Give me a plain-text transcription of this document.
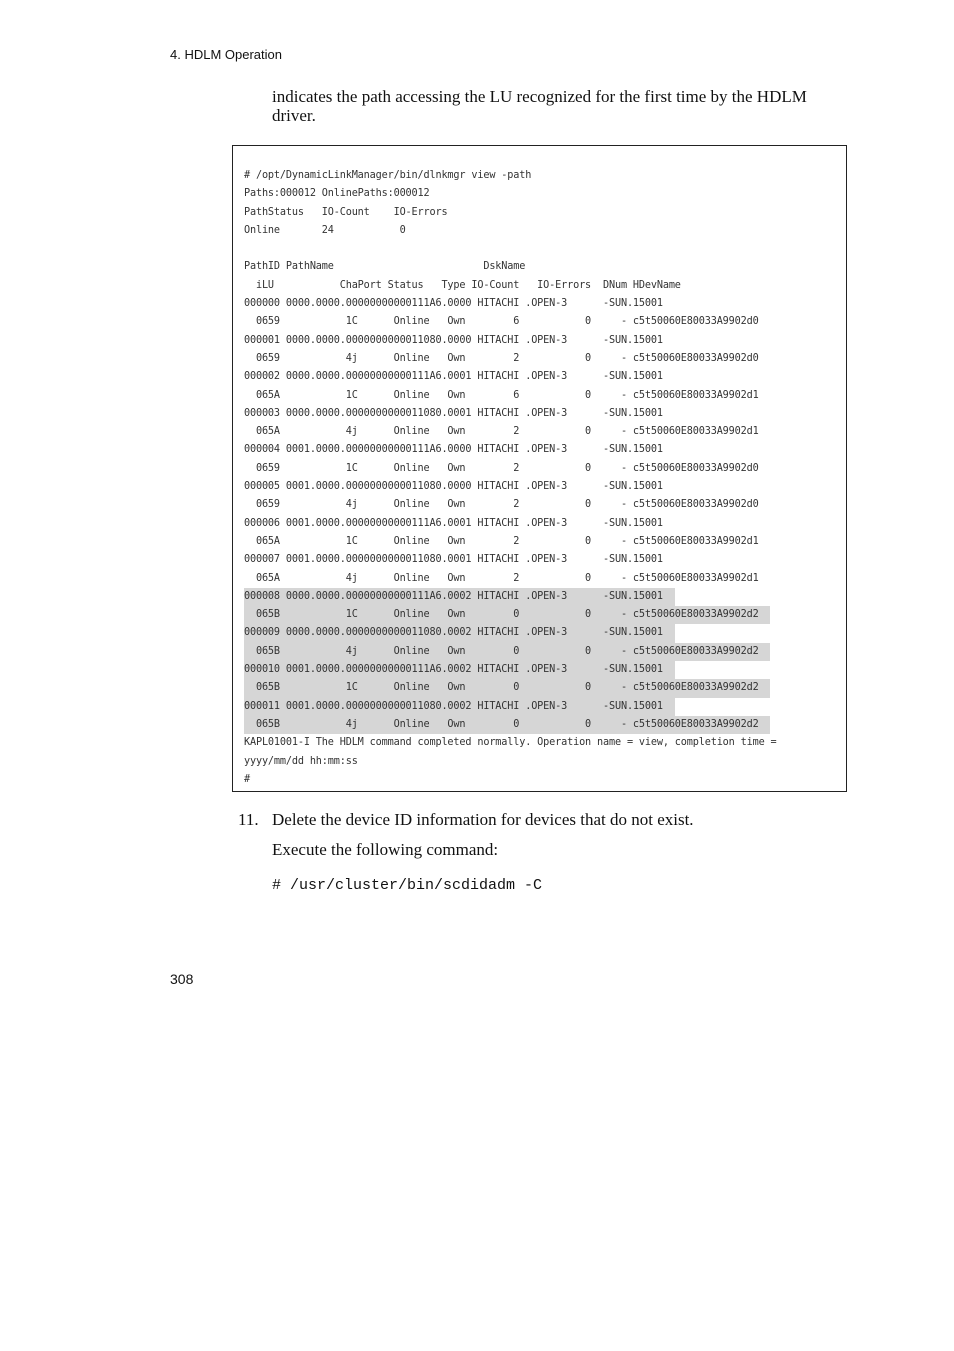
4. HDLM Operation
indicates the path accessing the LU recognized for the first time by the HDLM driver.
# /opt/DynamicLinkManager/bin/dlnkmgr view -path
Paths:000012 OnlinePaths:000012
PathStatus   IO-Count    IO-Errors
Online       24           0
PathID PathName                         DskName
iLU           ChaPort Status   Type IO-Count   IO-Errors  DNum HDevName
000000 0000.0000.00000000000111A6.0000 HITACHI .OPEN-3      -SUN.15001
0659           1C      Online   Own        6           0     - c5t50060E80033A9902d0
000001 0000.0000.0000000000011080.0000 HITACHI .OPEN-3      -SUN.15001
0659           4j      Online   Own        2           0     - c5t50060E80033A9902d0
000002 0000.0000.00000000000111A6.0001 HITACHI .OPEN-3      -SUN.15001
065A           1C      Online   Own        6           0     - c5t50060E80033A9902d1
000003 0000.0000.0000000000011080.0001 HITACHI .OPEN-3      -SUN.15001
065A           4j      Online   Own        2           0     - c5t50060E80033A9902d1
000004 0001.0000.00000000000111A6.0000 HITACHI .OPEN-3      -SUN.15001
0659           1C      Online   Own        2           0     - c5t50060E80033A9902d0
000005 0001.0000.0000000000011080.0000 HITACHI .OPEN-3      -SUN.15001
0659           4j      Online   Own        2           0     - c5t50060E80033A9902d0
000006 0001.0000.00000000000111A6.0001 HITACHI .OPEN-3      -SUN.15001
065A           1C      Online   Own        2           0     - c5t50060E80033A9902d1
000007 0001.0000.0000000000011080.0001 HITACHI .OPEN-3      -SUN.15001
065A           4j      Online   Own        2           0     - c5t50060E80033A9902d1
000008 0000.0000.00000000000111A6.0002 HITACHI .OPEN-3      -SUN.15001
065B           1C      Online   Own        0           0     - c5t50060E80033A9902d2
000009 0000.0000.0000000000011080.0002 HITACHI .OPEN-3      -SUN.15001
065B           4j      Online   Own        0           0     - c5t50060E80033A9902d2
000010 0001.0000.00000000000111A6.0002 HITACHI .OPEN-3      -SUN.15001
065B           1C      Online   Own        0           0     - c5t50060E80033A9902d2
000011 0001.0000.0000000000011080.0002 HITACHI .OPEN-3      -SUN.15001
065B           4j      Online   Own        0           0     - c5t50060E80033A9902d2
KAPL01001-I The HDLM command completed normally. Operation name = view, completion time =
yyyy/mm/dd hh:mm:ss
#
11. Delete the device ID information for devices that do not exist.
Execute the following command:
# /usr/cluster/bin/scdidadm -C
308
